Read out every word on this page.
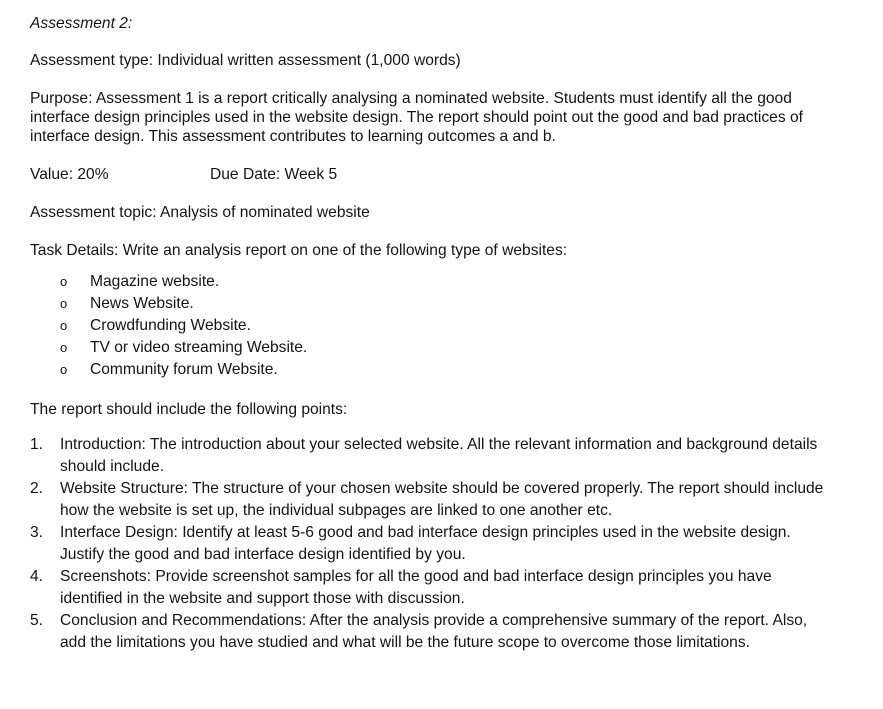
Assessment 2:
Assessment type: Individual written assessment (1,000 words)
Purpose: Assessment 1 is a report critically analysing a nominated website. Students must identify all the good interface design principles used in the website design. The report should point out the good and bad practices of interface design. This assessment contributes to learning outcomes a and b.
Value: 20%	Due Date: Week 5
Assessment topic: Analysis of nominated website
Task Details: Write an analysis report on one of the following type of websites:
o	Magazine website.
o	News Website.
o	Crowdfunding Website.
o	TV or video streaming Website.
o	Community forum Website.
The report should include the following points:
1.	Introduction: The introduction about your selected website. All the relevant information and background details should include.
2.	Website Structure: The structure of your chosen website should be covered properly. The report should include how the website is set up, the individual subpages are linked to one another etc.
3.	Interface Design: Identify at least 5-6 good and bad interface design principles used in the website design. Justify the good and bad interface design identified by you.
4.	Screenshots: Provide screenshot samples for all the good and bad interface design principles you have identified in the website and support those with discussion.
5.	Conclusion and Recommendations: After the analysis provide a comprehensive summary of the report. Also, add the limitations you have studied and what will be the future scope to overcome those limitations.
